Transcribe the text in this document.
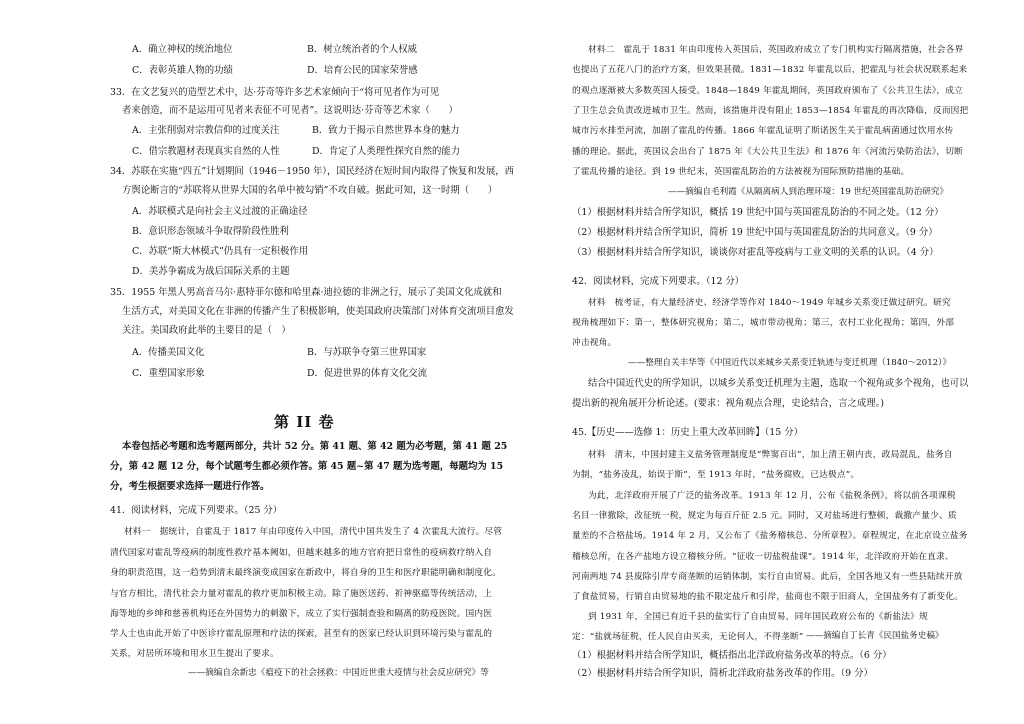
A．确立神权的统治地位	B．树立统治者的个人权威
C．表彰英雄人物的功绩	D．培育公民的国家荣誉感
33．在文艺复兴的造型艺术中，达·芬奇等许多艺术家倾向于“将可见者作为可见
者来创造，而不是运用可见者来表征不可见者”。这说明达·芬奇等艺术家（　　）
A．主张削弱对宗教信仰的过度关注	B．致力于揭示自然世界本身的魅力
C．借宗教题材表现真实自然的人性	D．肯定了人类理性探究自然的能力
34．苏联在实施“四五”计划期间（1946－1950 年），国民经济在短时间内取得了恢复和发展，西
方舆论断言的“苏联将从世界大国的名单中被勾销”不攻自破。据此可知，这一时期（　　）
A．苏联模式是向社会主义过渡的正确途径
B．意识形态领域斗争取得阶段性胜利
C．苏联“斯大林模式”仍具有一定积极作用
D．美苏争霸成为战后国际关系的主题
35．1955 年黑人男高音马尔·惠特菲尔德和哈里森·迪拉德的非洲之行，展示了美国文化成就和
生活方式，对美国文化在非洲的传播产生了积极影响，使美国政府决策部门对体育交流项目愈发
关注。美国政府此举的主要目的是（　）
A．传播美国文化	B．与苏联争夺第三世界国家
C．重塑国家形象	D．促进世界的体育文化交流
第 II 卷
本卷包括必考题和选考题两部分，共计 52 分。第 41 题、第 42 题为必考题，第 41 题 25
分，第 42 题 12 分，每个试题考生都必须作答。第 45 题~第 47 题为选考题，每题均为 15
分，考生根据要求选择一题进行作答。
41．阅读材料，完成下列要求。（25 分）
材料一　据统计，自霍乱于 1817 年由印度传入中国，清代中国共发生了 4 次霍乱大流行。尽管
清代国家对霍乱等疫病的制度性救疗基本阙如，但越来越多的地方官府把日常性的疫病救疗纳入自
身的职责范围，这一趋势到清末最终演变成国家在新政中，将自身的卫生和医疗职能明确和制度化。
与官方相比，清代社会力量对霍乱的救疗更加积极主动。除了施医送药、祈神驱瘟等传统活动，上
海等地的乡绅和慈善机构还在外国势力的刺激下，成立了实行强制查验和隔离的防疫医院。国内医
学人士也由此开始了中医诊疗霍乱原理和疗法的探索，甚至有的医家已经认识到环境污染与霍乱的
关系，对居所环境和用水卫生提出了要求。
——摘编自余新忠《瘟疫下的社会拯救：中国近世重大疫情与社会反应研究》等
材料二　霍乱于 1831 年由印度传入英国后，英国政府成立了专门机构实行隔离措施，社会各界
也提出了五花八门的治疗方案，但效果甚微。1831—1832 年霍乱以后，把霍乱与社会状况联系起来
的观点逐渐被大多数英国人接受。1848—1849 年霍乱期间，英国政府颁布了《公共卫生法》，成立
了卫生总会负责改进城市卫生。然而，该措施并没有阻止 1853—1854 年霍乱的再次降临，反而因把
城市污水排至河流，加剧了霍乱的传播。1866 年霍乱证明了斯诺医生关于霍乱病菌通过饮用水传
播的理论。据此，英国议会出台了 1875 年《大公共卫生法》和 1876 年《河流污染防治法》，切断
了霍乱传播的途径。到 19 世纪末，英国霍乱防治的方法被视为国际预防措施的基础。
——摘编自毛利霞《从隔离病人到治理环境：19 世纪英国霍乱防治研究》
（1）根据材料并结合所学知识，概括 19 世纪中国与英国霍乱防治的不同之处。（12 分）
（2）根据材料并结合所学知识，简析 19 世纪中国与英国霍乱防治的共同意义。（9 分）
（3）根据材料并结合所学知识，谈谈你对霍乱等疫病与工业文明的关系的认识。（4 分）
42．阅读材料，完成下列要求。（12 分）
材料　梳考证，有大量经济史、经济学等作对 1840～1949 年城乡关系变迁做过研究。研究
视角梳理如下：第一，整体研究视角；第二，城市带动视角；第三，农村工业化视角；第四，外部
冲击视角。
——整理自关丰华等《中国近代以来城乡关系变迁轨迹与变迁机理（1840～2012）》
结合中国近代史的所学知识，以城乡关系变迁机理为主题，选取一个视角或多个视角，也可以
提出新的视角展开分析论述。(要求：视角观点合理，史论结合，言之成理。)
45.【历史——选修 1：历史上重大改革回眸】（15 分）
材料　清末，中国封建主义盐务管理制度是“弊窦百出”，加上清王朝内丧，政局混乱，盐务自
为制，“盐务凌乱，始误于斯”，至 1913 年时，“盐务腐败，已达极点”。
为此，北洋政府开展了广泛的盐务改革。1913 年 12 月，公布《盐税条例》，将以前各项课税
名目一律撤除，改征统一税，规定为每百斤征 2.5 元。同时，又对盐场进行整顿，裁撤产量少、质
量差的不合格盐场。1914 年 2 月，又公布了《盐务稽核总、分所章程》。章程规定，在北京设立盐务
稽核总所，在各产盐地方设立稽核分所。“征收一切盐税盐课”。1914 年，北洋政府开始在直隶、
河南两地 74 县废除引岸专商垄断的运销体制，实行自由贸易。此后，全国各地又有一些县陆续开放
了食盐贸易，行销自由贸易地的盐不限定盐斤和引岸，盐商也不限于旧商人，全国盐务有了新变化。
到 1931 年，全国已有近千县的盐实行了自由贸易，同年国民政府公布的《新盐法》规
定：“盐就场征税，任人民自由买卖，无论何人，不得垄断” ——摘编自丁长青《民国盐务史稿》
（1）根据材料并结合所学知识，概括指出北洋政府盐务改革的特点。（6 分）
（2）根据材料并结合所学知识，简析北洋政府盐务改革的作用。（9 分）
